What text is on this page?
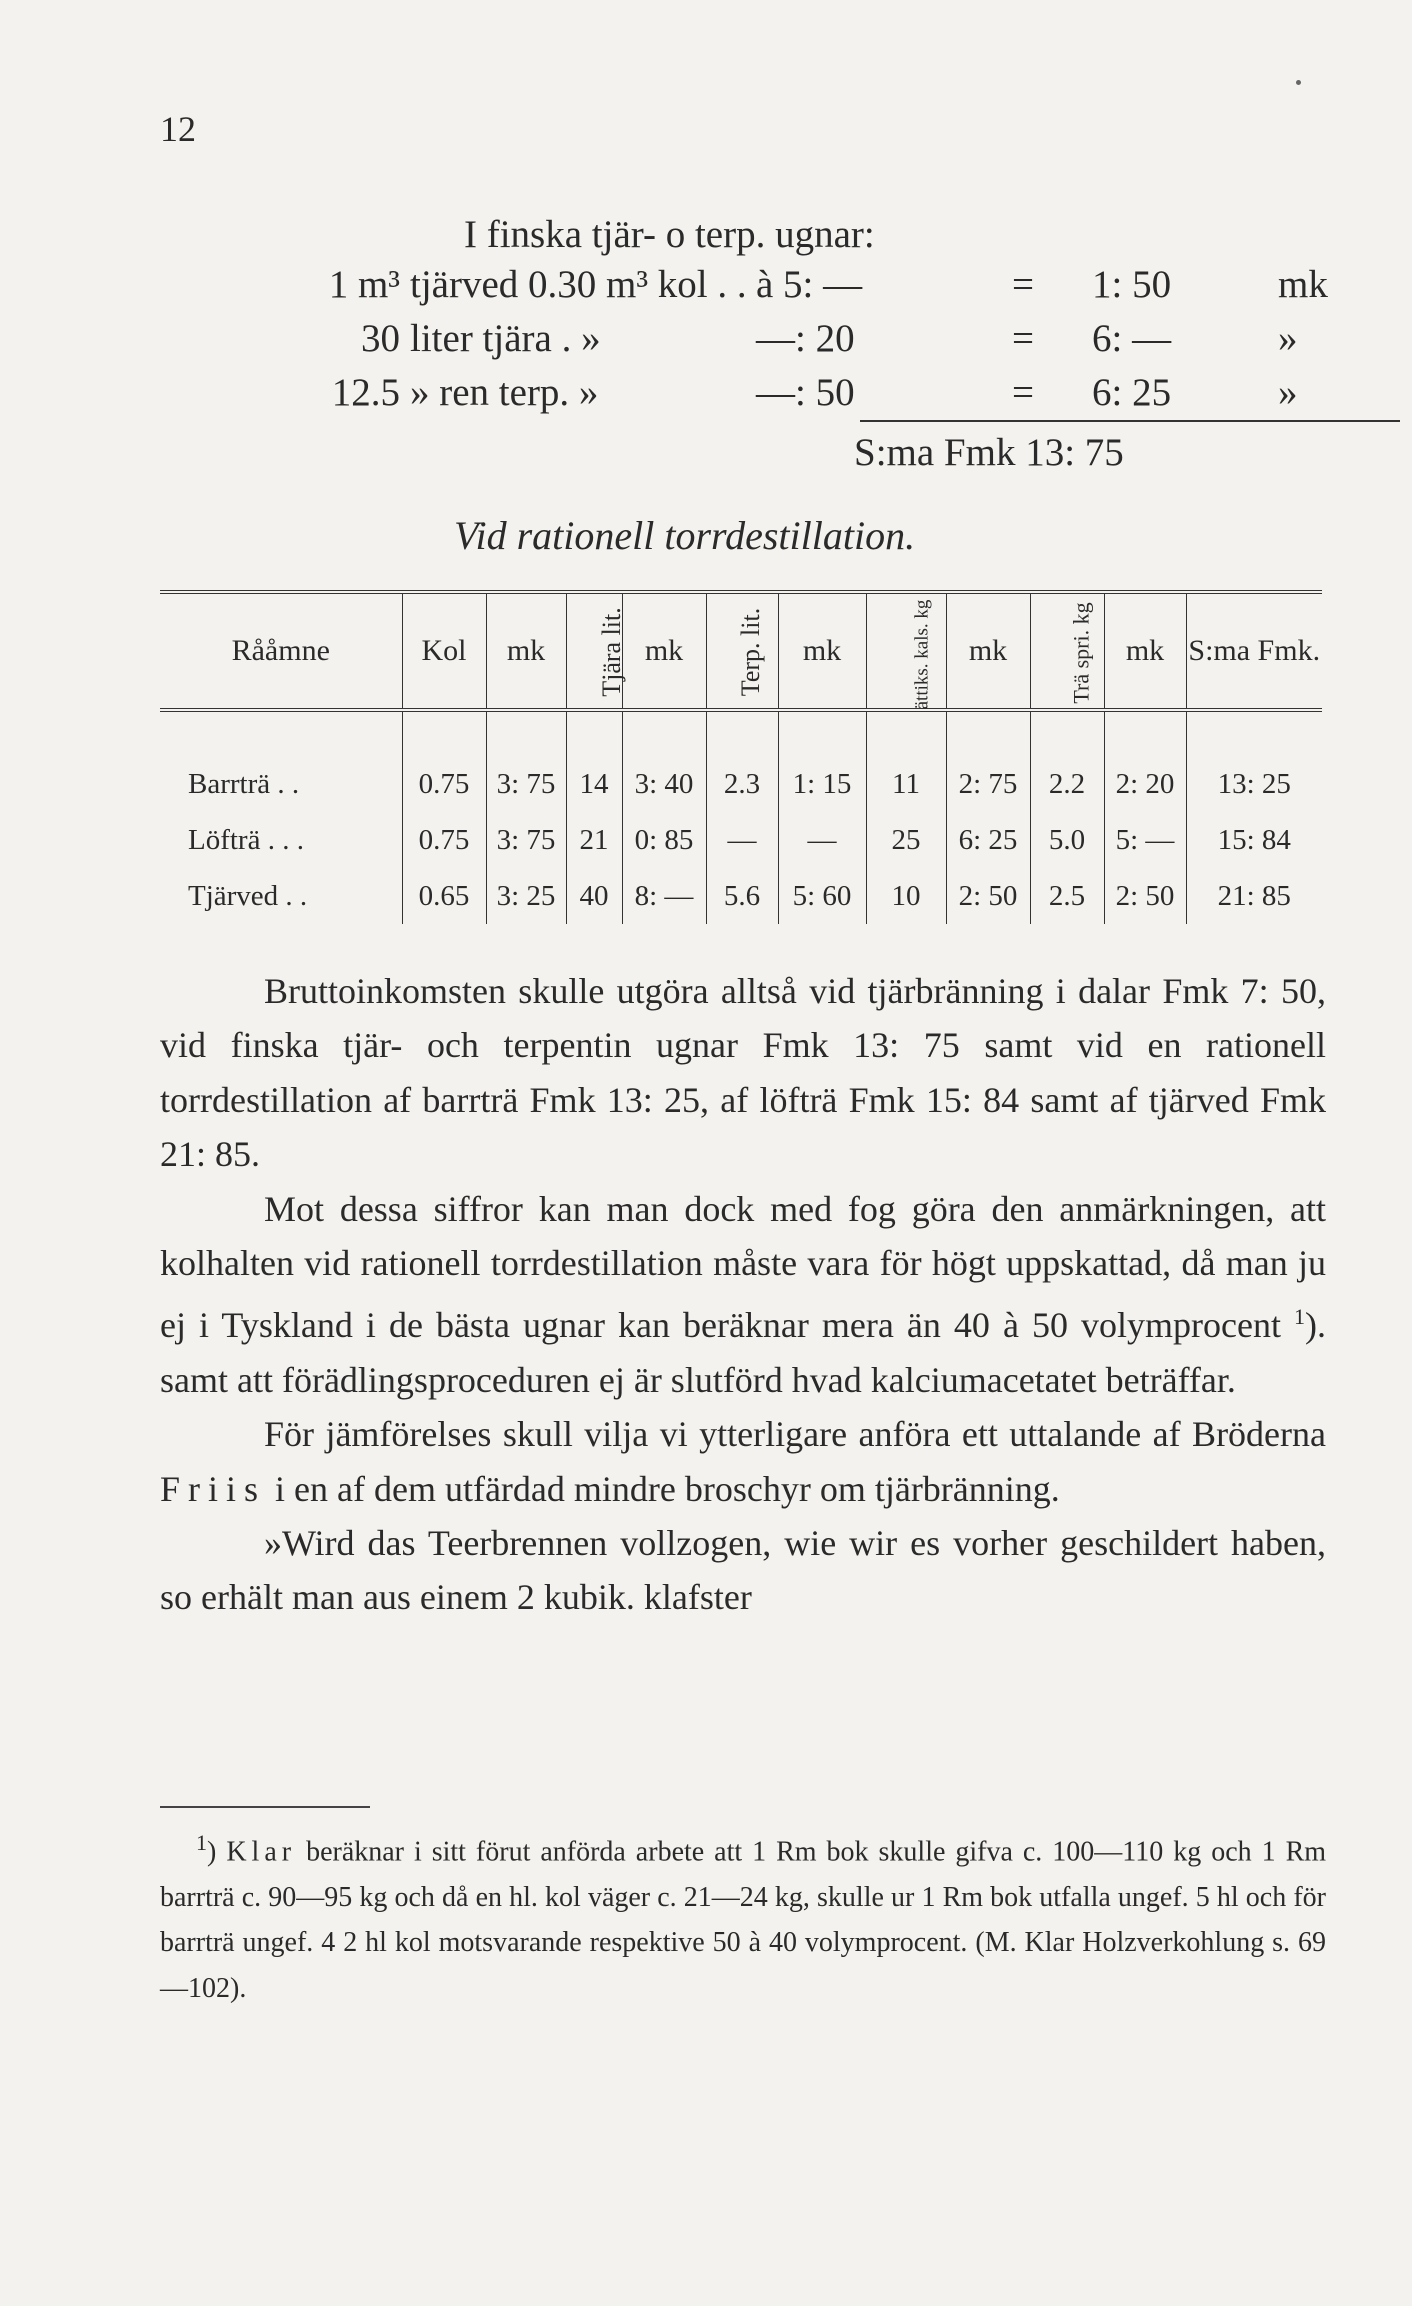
12
I finska tjär- o terp. ugnar:
1 m³ tjärved 0.30 m³ kol . . à 5: —	= 1: 50	mk
30 liter tjära . »	—: 20	= 6: —	»
12.5 » ren terp. »	—: 50	= 6: 25	»
S:ma Fmk 13: 75
Vid rationell torrdestillation.
Rååmne	Kol	mk	Tjära lit.	mk	Terp. lit.	mk	ättiks. kals. kg	mk	Trä spri. kg	mk	S:ma Fmk.
Barrträ . .	0.75	3: 75	14	3: 40	2.3	1: 15	11	2: 75	2.2	2: 20	13: 25
Löfträ . . .	0.75	3: 75	21	0: 85	—	—	25	6: 25	5.0	5: —	15: 84
Tjärved . .	0.65	3: 25	40	8: —	5.6	5: 60	10	2: 50	2.5	2: 50	21: 85

Bruttoinkomsten skulle utgöra alltså vid tjärbränning i dalar Fmk 7: 50, vid finska tjär- och terpentin ugnar Fmk 13: 75 samt vid en rationell torrdestillation af barrträ Fmk 13: 25, af löfträ Fmk 15: 84 samt af tjärved Fmk 21: 85.

Mot dessa siffror kan man dock med fog göra den anmärkningen, att kolhalten vid rationell torrdestillation måste vara för högt uppskattad, då man ju ej i Tyskland i de bästa ugnar kan beräknar mera än 40 à 50 volymprocent $^1$). samt att förädlingsproceduren ej är slutförd hvad kalciumacetatet beträffar.

För jämförelses skull vilja vi ytterligare anföra ett uttalande af Bröderna Friis i en af dem utfärdad mindre broschyr om tjärbränning.

»Wird das Teerbrennen vollzogen, wie wir es vorher geschildert haben, so erhält man aus einem 2 kubik. klafster

$^1$) Klar beräknar i sitt förut anförda arbete att 1 Rm bok skulle gifva c. 100—110 kg och 1 Rm barrträ c. 90—95 kg och då en hl. kol väger c. 21—24 kg, skulle ur 1 Rm bok utfalla ungef. 5 hl och för barrträ ungef. 4 2 hl kol motsvarande respektive 50 à 40 volymprocent. (M. Klar Holzverkohlung s. 69—102).
